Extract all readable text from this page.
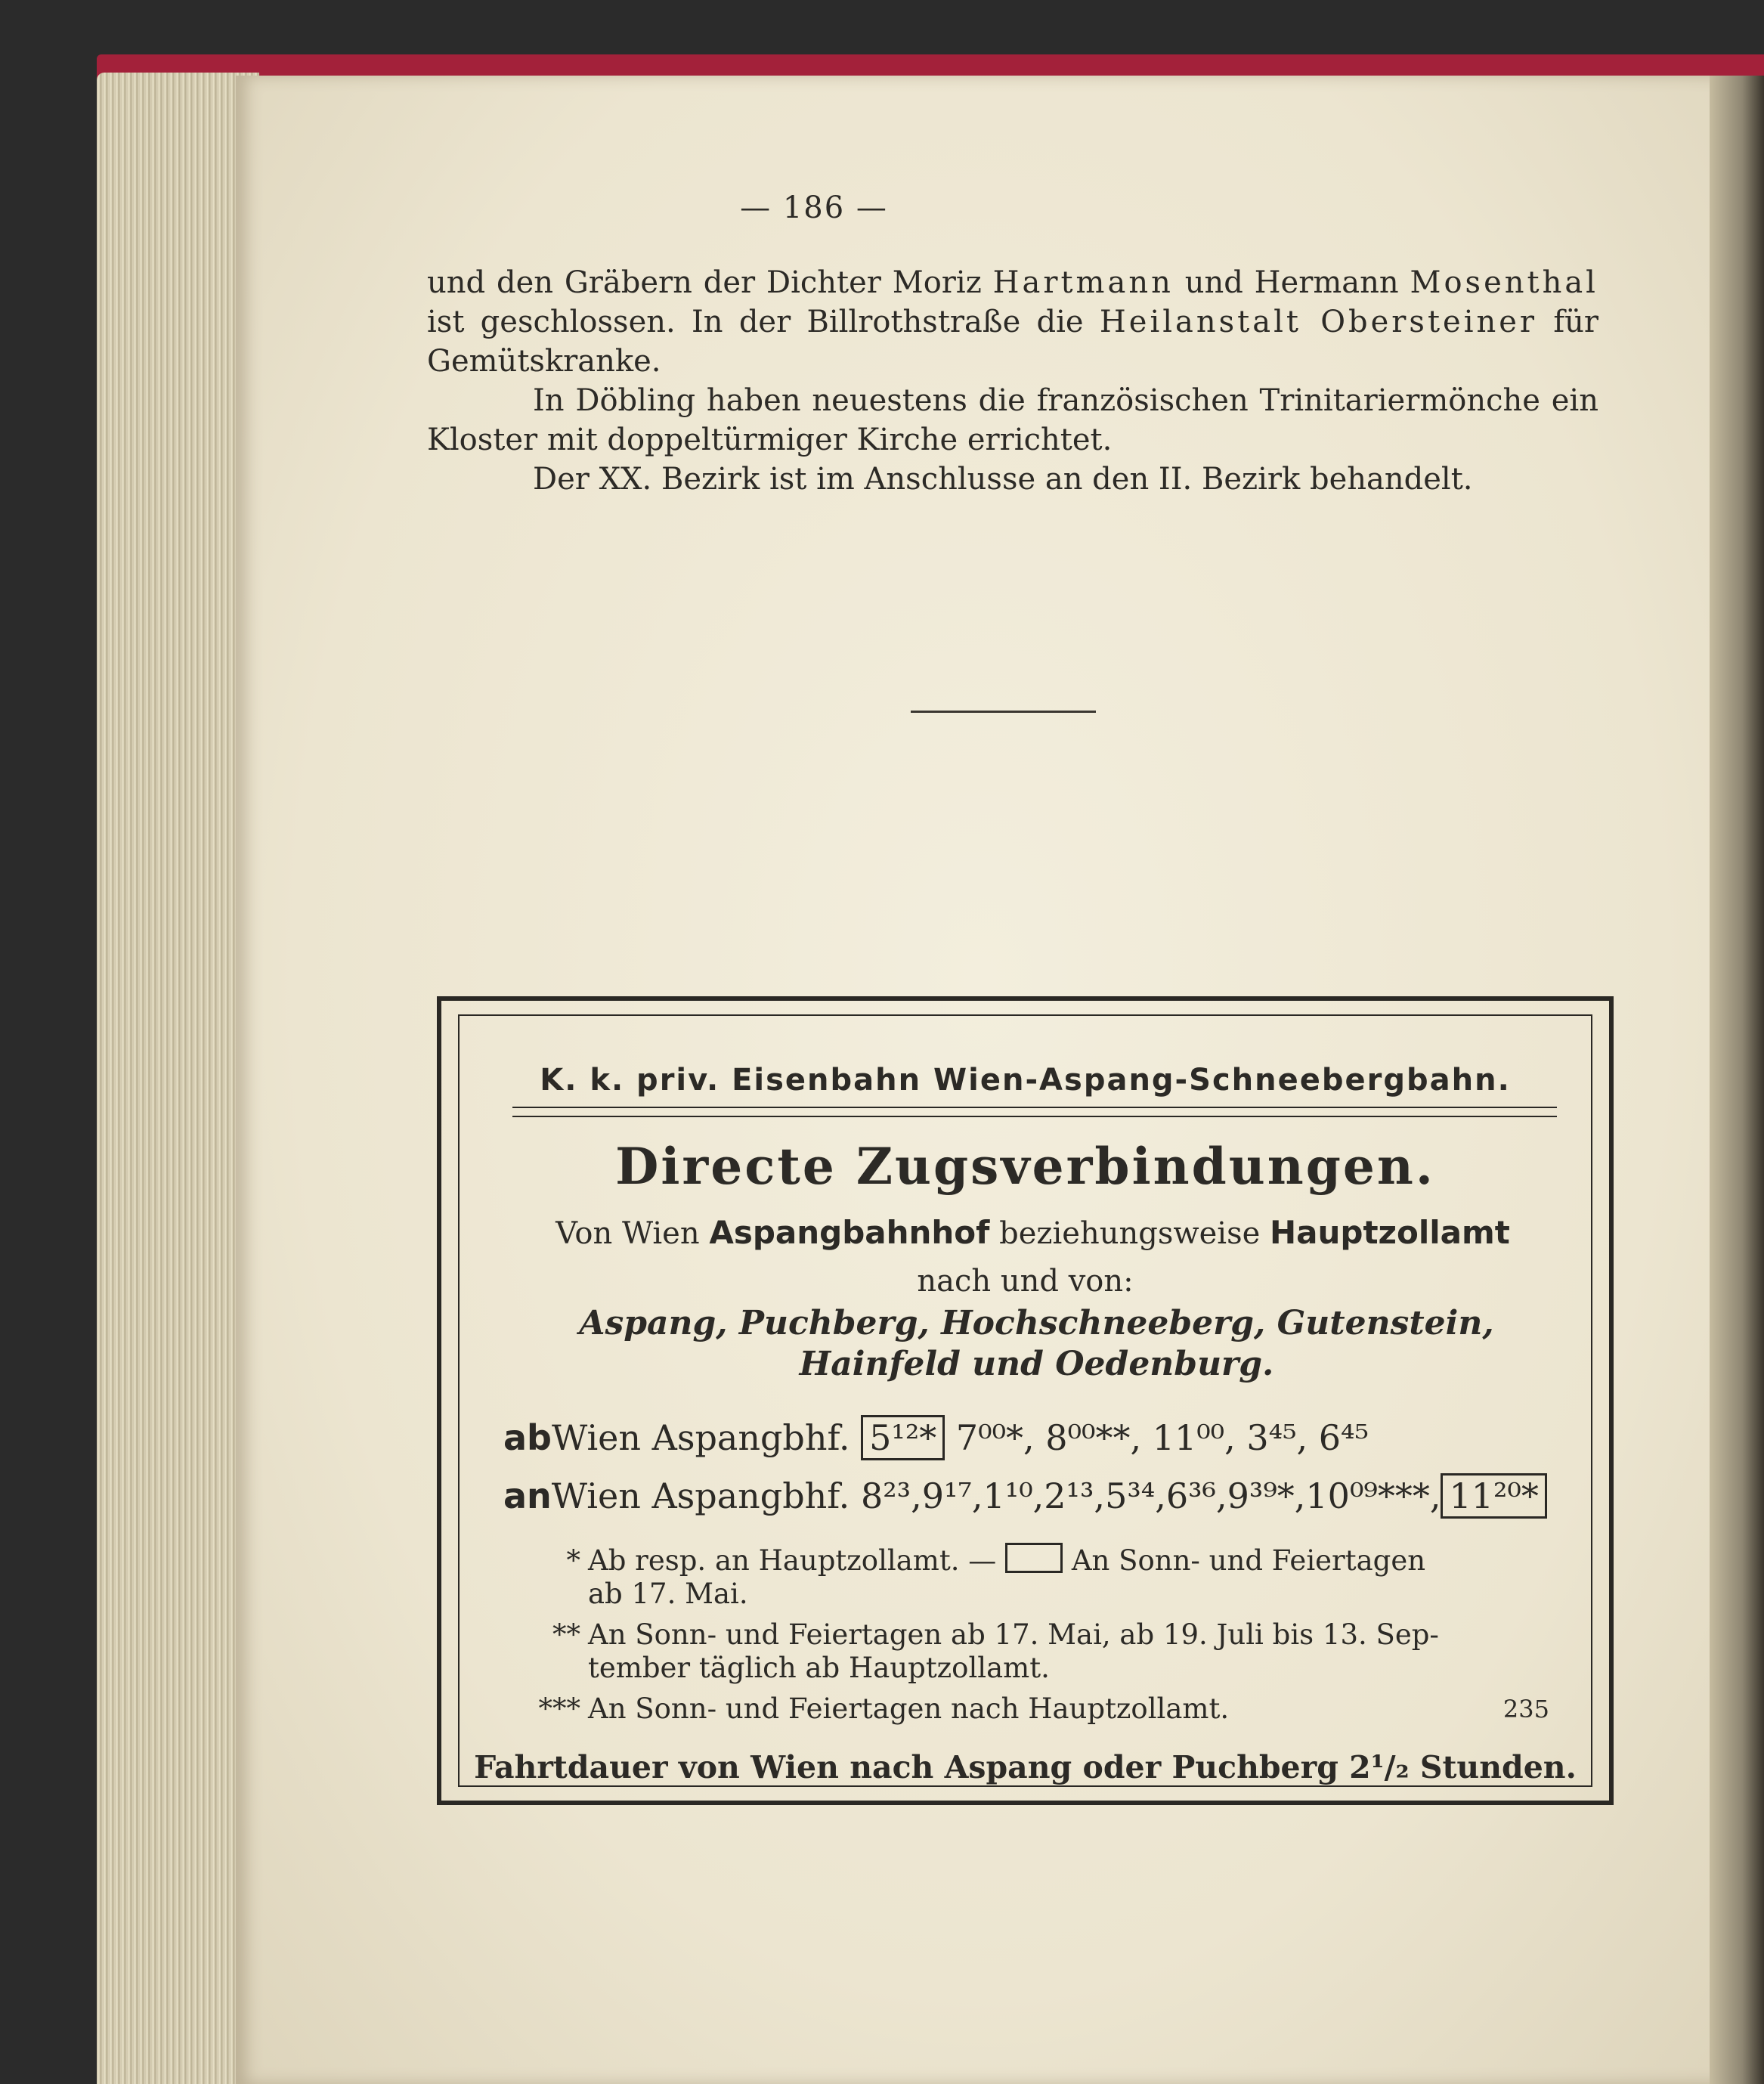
— 186 —

und den Gräbern der Dichter Moriz Hartmann und Hermann Mosenthal ist geschlossen. In der Billrothstraße die Heilanstalt Obersteiner für Gemütskranke.

In Döbling haben neuestens die französischen Trinitariermönche ein Kloster mit doppeltürmiger Kirche errichtet.

Der XX. Bezirk ist im Anschlusse an den II. Bezirk behandelt.

K. k. priv. Eisenbahn Wien-Aspang-Schneebergbahn.
Directe Zugsverbindungen.
Von Wien Aspangbahnhof beziehungsweise Hauptzollamt
nach und von:
Aspang, Puchberg, Hochschneeberg, Gutenstein, Hainfeld und Oedenburg.
abWien Aspangbhf. 5¹²* 7⁰⁰*, 8⁰⁰**, 11⁰⁰, 3⁴⁵, 6⁴⁵
anWien Aspangbhf. 8²³,9¹⁷,1¹⁰,2¹³,5³⁴,6³⁶,9³⁹*,10⁰⁹***, 11²⁰*
* Ab resp. an Hauptzollamt. —	An Sonn- und Feiertagen
ab 17. Mai.
** An Sonn- und Feiertagen ab 17. Mai, ab 19. Juli bis 13. Sep-
tember täglich ab Hauptzollamt.
*** An Sonn- und Feiertagen nach Hauptzollamt.	235
Fahrtdauer von Wien nach Aspang oder Puchberg 2¹/₂ Stunden.
